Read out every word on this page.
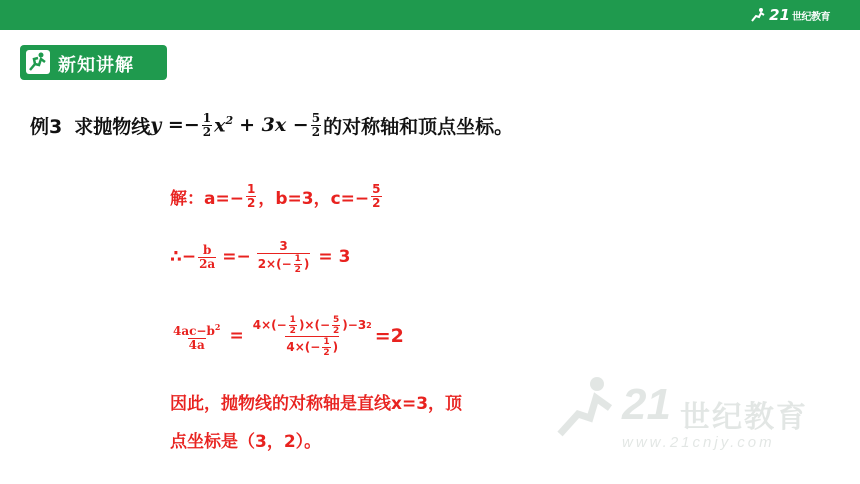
21 世纪教育
新知讲解
例3 求抛物线 $y =- \frac{1}{2} x^2 + 3x - \frac{5}{2}$ 的对称轴和顶点坐标。
解：$a=- \frac{1}{2}$ ，b=3，$c=- \frac{5}{2}$
∴− $\frac{b}{2a} =- \frac{3}{2\times(- \frac{1}{2} )} = 3$
$\frac{4ac-b^2}{4a} = \frac{4\times(- \frac{1}{2} )\times(- \frac{5}{2} )-3 2}{4\times(- \frac{1}{2} )} =2$
因此，抛物线的对称轴是直线x=3，顶
点坐标是（3，2）。
21 世纪教育
www.21cnjy.com
